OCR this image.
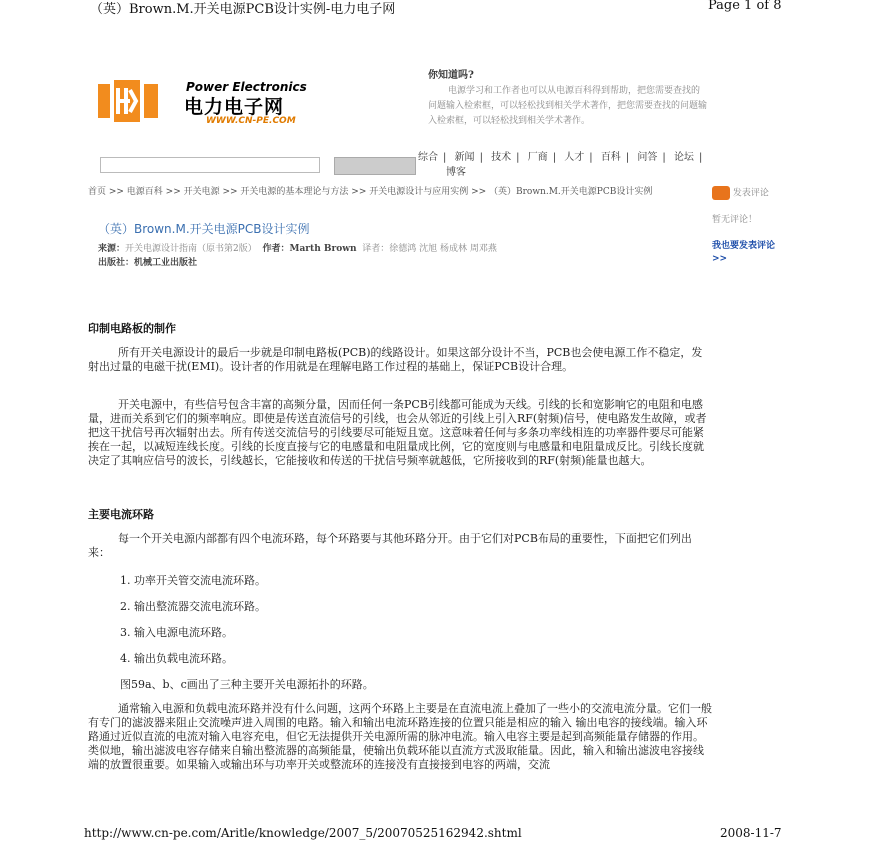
（英）Brown.M.开关电源PCB设计实例-电力电子网	Page 1 of 8
Power Electronics
电力电子网
WWW.CN-PE.COM
你知道吗?
电源学习和工作者也可以从电源百科得到帮助，把您需要查找的问题输入检索框，可以轻松找到相关学术著作，把您需要查找的问题输入检索框，可以轻松找到相关学术著作。
综合 | 新闻 | 技术 | 厂商 | 人才 | 百科 | 问答 | 论坛 |
博客
首页 >> 电源百科 >> 开关电源 >> 开关电源的基本理论与方法 >> 开关电源设计与应用实例 >> （英）Brown.M.开关电源PCB设计实例
（英）Brown.M.开关电源PCB设计实例
来源：开关电源设计指南（原书第2版） 作者：Marth Brown 译者：徐德鸿 沈旭 杨成林 周邓燕
出版社：机械工业出版社
发表评论

暂无评论！

我也要发表评论>>
印制电路板的制作
所有开关电源设计的最后一步就是印制电路板(PCB)的线路设计。如果这部分设计不当，PCB也会使电源工作不稳定，发射出过量的电磁干扰(EMI)。设计者的作用就是在理解电路工作过程的基础上，保证PCB设计合理。
开关电源中，有些信号包含丰富的高频分量，因而任何一条PCB引线都可能成为天线。引线的长和宽影响它的电阻和电感量，进而关系到它们的频率响应。即使是传送直流信号的引线，也会从邻近的引线上引入RF(射频)信号，使电路发生故障，或者把这干扰信号再次辐射出去。所有传送交流信号的引线要尽可能短且宽。这意味着任何与多条功率线相连的功率器件要尽可能紧挨在一起，以减短连线长度。引线的长度直接与它的电感量和电阻量成比例，它的宽度则与电感量和电阻量成反比。引线长度就决定了其响应信号的波长，引线越长，它能接收和传送的干扰信号频率就越低，它所接收到的RF(射频)能量也越大。
主要电流环路
每一个开关电源内部都有四个电流环路，每个环路要与其他环路分开。由于它们对PCB布局的重要性，下面把它们列出来：
1. 功率开关管交流电流环路。
2. 输出整流器交流电流环路。
3. 输入电源电流环路。
4. 输出负载电流环路。
图59a、b、c画出了三种主要开关电源拓扑的环路。
通常输入电源和负载电流环路并没有什么问题，这两个环路上主要是在直流电流上叠加了一些小的交流电流分量。它们一般有专门的滤波器来阻止交流噪声进入周围的电路。输入和输出电流环路连接的位置只能是相应的输入 输出电容的接线端。输入环路通过近似直流的电流对输入电容充电，但它无法提供开关电源所需的脉冲电流。输入电容主要是起到高频能量存储器的作用。类似地，输出滤波电容存储来自输出整流器的高频能量，使输出负载环能以直流方式汲取能量。因此，输入和输出滤波电容接线端的放置很重要。如果输入或输出环与功率开关或整流环的连接没有直接接到电容的两端，交流
http://www.cn-pe.com/Aritle/knowledge/2007_5/20070525162942.shtml	2008-11-7
